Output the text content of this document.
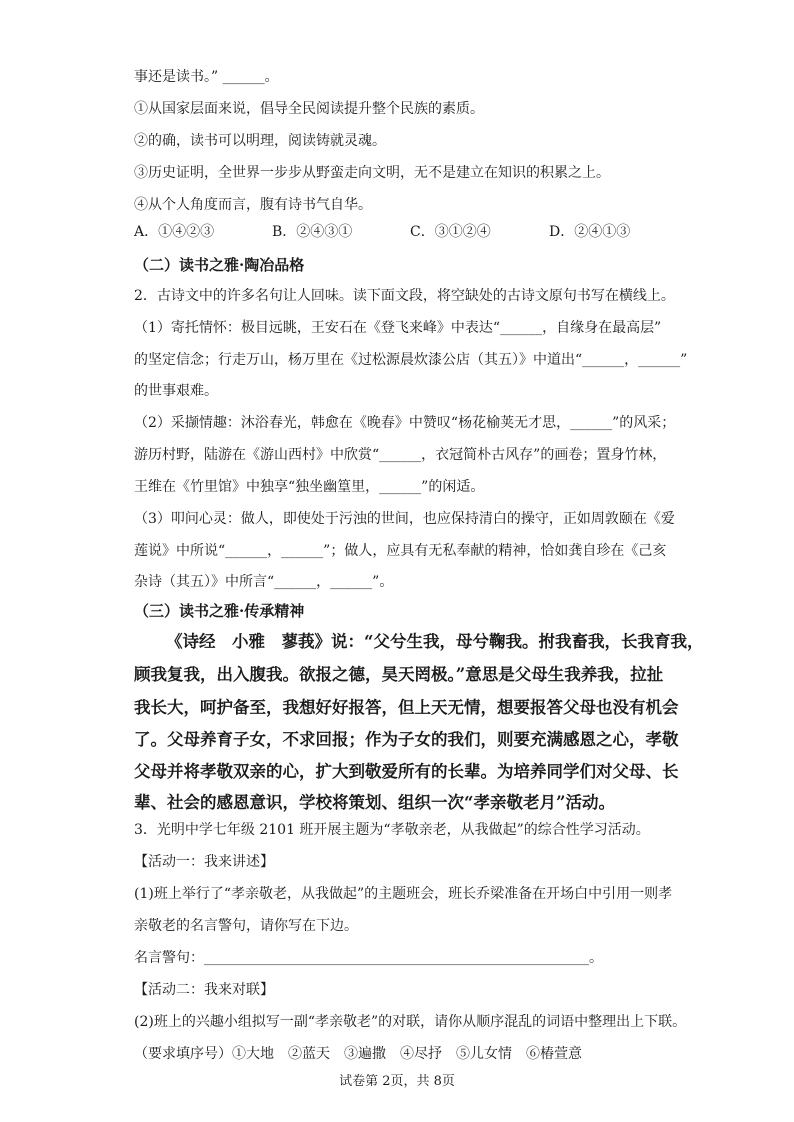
事还是读书。” ______。
①从国家层面来说，倡导全民阅读提升整个民族的素质。
②的确，读书可以明理，阅读铸就灵魂。
③历史证明，全世界一步步从野蛮走向文明，无不是建立在知识的积累之上。
④从个人角度而言，腹有诗书气自华。
A．①④②③	B．②④③①	C．③①②④	D．②④①③
（二）读书之雅·陶冶品格
2．古诗文中的许多名句让人回味。读下面文段，将空缺处的古诗文原句书写在横线上。
（1）寄托情怀：极目远眺，王安石在《登飞来峰》中表达“______，自缘身在最高层”
的坚定信念；行走万山，杨万里在《过松源晨炊漆公店（其五）》中道出“______，______”
的世事艰难。
（2）采撷情趣：沐浴春光，韩愈在《晚春》中赞叹“杨花榆荚无才思，______”的风采；
游历村野，陆游在《游山西村》中欣赏“______，衣冠简朴古风存”的画卷；置身竹林，
王维在《竹里馆》中独享“独坐幽篁里，______”的闲适。
（3）叩问心灵：做人，即使处于污浊的世间，也应保持清白的操守，正如周敦颐在《爱
莲说》中所说“______，______”；做人，应具有无私奉献的精神，恰如龚自珍在《己亥
杂诗（其五）》中所言“______，______”。
（三）读书之雅·传承精神
《诗经　小雅　蓼莪》说：“父兮生我，母兮鞠我。拊我畜我，长我育我，
顾我复我，出入腹我。欲报之德，昊天罔极。”意思是父母生我养我，拉扯
我长大，呵护备至，我想好好报答，但上天无情，想要报答父母也没有机会
了。父母养育子女，不求回报；作为子女的我们，则要充满感恩之心，孝敬
父母并将孝敬双亲的心，扩大到敬爱所有的长辈。为培养同学们对父母、长
辈、社会的感恩意识，学校将策划、组织一次“孝亲敬老月”活动。
3．光明中学七年级 2101 班开展主题为“孝敬亲老，从我做起”的综合性学习活动。
【活动一：我来讲述】
(1)班上举行了“孝亲敬老，从我做起”的主题班会，班长乔梁准备在开场白中引用一则孝
亲敬老的名言警句，请你写在下边。
名言警句：_______________________________________________________。
【活动二：我来对联】
(2)班上的兴趣小组拟写一副“孝亲敬老”的对联，请你从顺序混乱的词语中整理出上下联。
（要求填序号）①大地　②蓝天　③遍撒　④尽抒　⑤儿女情　⑥椿萱意
试卷第 2页，共 8页
